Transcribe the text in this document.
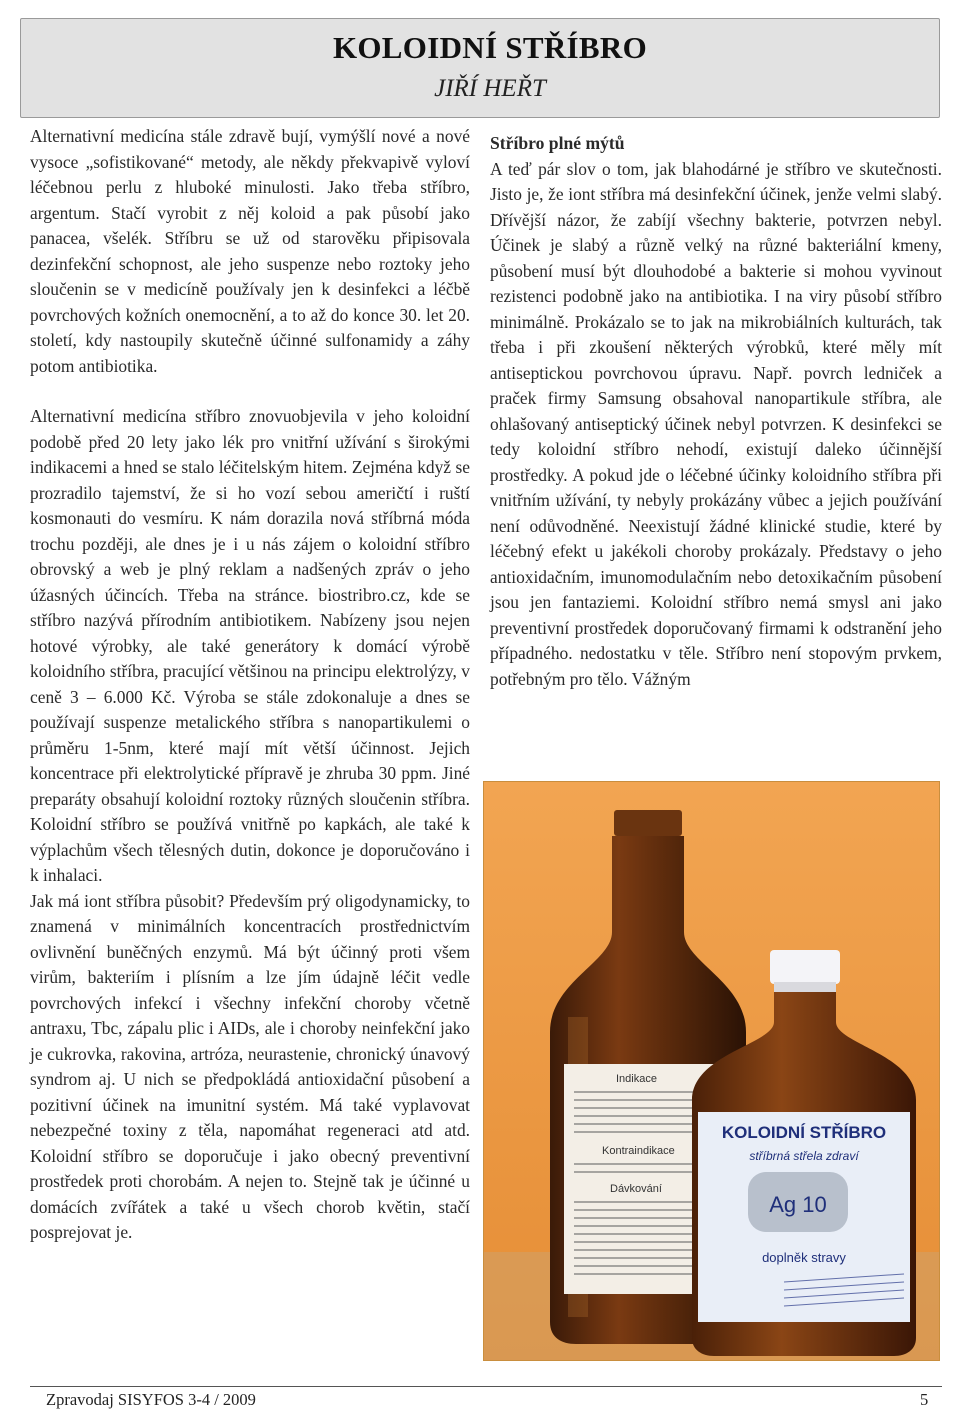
KOLOIDNÍ STŘÍBRO
JIŘÍ HEŘT

Alternativní medicína stále zdravě bují, vymýšlí nové a nové vysoce „sofistikované“ metody, ale někdy překvapivě vyloví léčebnou perlu z hluboké minulosti. Jako třeba stříbro, argentum. Stačí vyrobit z něj koloid a pak působí jako panacea, všelék. Stříbru se už od starověku připisovala dezinfekční schopnost, ale jeho suspenze nebo roztoky jeho sloučenin se v medicíně používaly jen k desinfekci a léčbě povrchových kožních onemocnění, a to až do konce 30. let 20. století, kdy nastoupily skutečně účinné sulfonamidy a záhy potom antibiotika.

Alternativní medicína stříbro znovuobjevila v jeho koloidní podobě před 20 lety jako lék pro vnitřní užívání s širokými indikacemi a hned se stalo léčitelským hitem. Zejména když se prozradilo tajemství, že si ho vozí sebou američtí i ruští kosmonauti do vesmíru. K nám dorazila nová stříbrná móda trochu později, ale dnes je i u nás zájem o koloidní stříbro obrovský a web je plný reklam a nadšených zpráv o jeho úžasných účincích. Třeba na stránce. biostribro.cz, kde se stříbro nazývá přírodním antibiotikem. Nabízeny jsou nejen hotové výrobky, ale také generátory k domácí výrobě koloidního stříbra, pracující většinou na principu elektrolýzy, v ceně 3 – 6.000 Kč. Výroba se stále zdokonaluje a dnes se používají suspenze metalického stříbra s nanopartikulemi o průměru 1-5nm, které mají mít větší účinnost. Jejich koncentrace při elektrolytické přípravě je zhruba 30 ppm. Jiné preparáty obsahují koloidní roztoky různých sloučenin stříbra. Koloidní stříbro se používá vnitřně po kapkách, ale také k výplachům všech tělesných dutin, dokonce je doporučováno i k inhalaci.

Jak má iont stříbra působit? Především prý oligodynamicky, to znamená v minimálních koncentracích prostřednictvím ovlivnění buněčných enzymů. Má být účinný proti všem virům, bakteriím i plísním a lze jím údajně léčit vedle povrchových infekcí i všechny infekční choroby včetně antraxu, Tbc, zápalu plic i AIDs, ale i choroby neinfekční jako je cukrovka, rakovina, artróza, neurastenie, chronický únavový syndrom aj. U nich se předpokládá antioxidační působení a pozitivní účinek na imunitní systém. Má také vyplavovat nebezpečné toxiny z těla, napomáhat regeneraci atd atd. Koloidní stříbro se doporučuje i jako obecný preventivní prostředek proti chorobám. A nejen to. Stejně tak je účinné u domácích zvířátek a také u všech chorob květin, stačí posprejovat je.

Stříbro plné mýtů

A teď pár slov o tom, jak blahodárné je stříbro ve skutečnosti. Jisto je, že iont stříbra má desinfekční účinek, jenže velmi slabý. Dřívější názor, že zabíjí všechny bakterie, potvrzen nebyl. Účinek je slabý a různě velký na různé bakteriální kmeny, působení musí být dlouhodobé a bakterie si mohou vyvinout rezistenci podobně jako na antibiotika. I na viry působí stříbro minimálně. Prokázalo se to jak na mikrobiálních kulturách, tak třeba i při zkoušení některých výrobků, které měly mít antiseptickou povrchovou úpravu. Např. povrch ledniček a praček firmy Samsung obsahoval nanopartikule stříbra, ale ohlašovaný antiseptický účinek nebyl potvrzen. K desinfekci se tedy koloidní stříbro nehodí, existují daleko účinnější prostředky. A pokud jde o léčebné účinky koloidního stříbra při vnitřním užívání, ty nebyly prokázány vůbec a jejich používání není odůvodněné. Neexistují žádné klinické studie, které by léčebný efekt u jakékoli choroby prokázaly. Představy o jeho antioxidačním, imunomodulačním nebo detoxikačním působení jsou jen fantaziemi. Koloidní stříbro nemá smysl ani jako preventivní prostředek doporučovaný firmami k odstranění jeho případného. nedostatku v těle. Stříbro není stopovým prvkem, potřebným pro tělo. Vážným

Indikace
Kontraindikace
Dávkování
KOLOIDNÍ STŘÍBRO
stříbrná střela zdraví
Ag 10
doplněk stravy
Zpravodaj SISYFOS 3-4 / 2009	5
